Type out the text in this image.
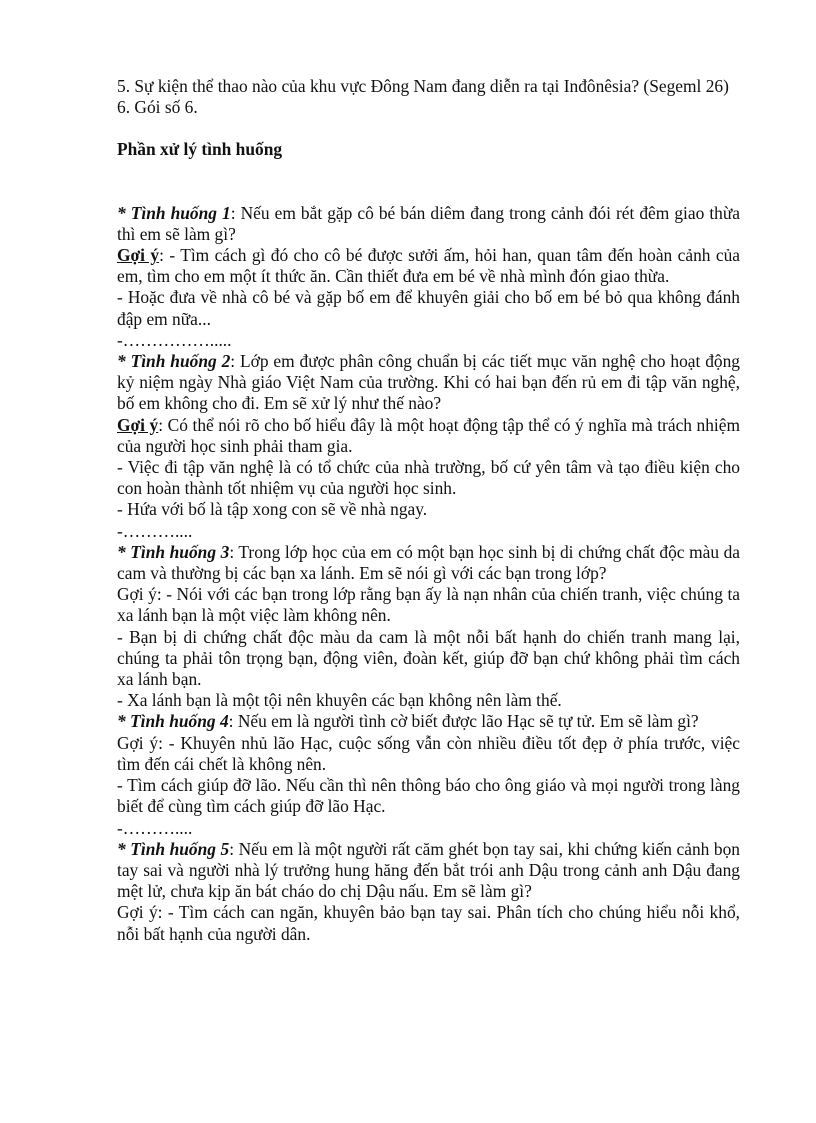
5. Sự kiện thể thao nào của khu vực Đông Nam đang diễn ra tại Inđônêsia? (Segeml 26)

6. Gói số 6.

Phần xử lý tình huống

* Tình huống 1: Nếu em bắt gặp cô bé bán diêm đang trong cảnh đói rét đêm giao thừa thì em sẽ làm gì?

Gợi ý: - Tìm cách gì đó cho cô bé được sưởi ấm, hỏi han, quan tâm đến hoàn cảnh của em, tìm cho em một ít thức ăn. Cần thiết đưa em bé về nhà mình đón giao thừa.

- Hoặc đưa về nhà cô bé và gặp bố em để khuyên giải cho bố em bé bỏ qua không đánh đập em nữa...

-…………….....

* Tình huống 2: Lớp em được phân công chuẩn bị các tiết mục văn nghệ cho hoạt động kỷ niệm ngày Nhà giáo Việt Nam của trường. Khi có hai bạn đến rủ em đi tập văn nghệ, bố em không cho đi. Em sẽ xử lý như thế nào?

Gợi ý: Có thể nói rõ cho bố hiểu đây là một hoạt động tập thể có ý nghĩa mà trách nhiệm của người học sinh phải tham gia.

- Việc đi tập văn nghệ là có tổ chức của nhà trường, bố cứ yên tâm và tạo điều kiện cho con hoàn thành tốt nhiệm vụ của người học sinh.

- Hứa với bố là tập xong con sẽ về nhà ngay.

-………....

* Tình huống 3: Trong lớp học của em có một bạn học sinh bị di chứng chất độc màu da cam và thường bị các bạn xa lánh. Em sẽ nói gì với các bạn trong lớp?

Gợi ý: - Nói với các bạn trong lớp rằng bạn ấy là nạn nhân của chiến tranh, việc chúng ta xa lánh bạn là một việc làm không nên.

- Bạn bị di chứng chất độc màu da cam là một nỗi bất hạnh do chiến tranh mang lại, chúng ta phải tôn trọng bạn, động viên, đoàn kết, giúp đỡ bạn chứ không phải tìm cách xa lánh bạn.

- Xa lánh bạn là một tội nên khuyên các bạn không nên làm thế.

* Tình huống 4: Nếu em là người tình cờ biết được lão Hạc sẽ tự tử. Em sẽ làm gì?

Gợi ý: - Khuyên nhủ lão Hạc, cuộc sống vẫn còn nhiều điều tốt đẹp ở phía trước, việc tìm đến cái chết là không nên.

- Tìm cách giúp đỡ lão. Nếu cần thì nên thông báo cho ông giáo và mọi người trong làng biết để cùng tìm cách giúp đỡ lão Hạc.

-………....

* Tình huống 5: Nếu em là một người rất căm ghét bọn tay sai, khi chứng kiến cảnh bọn tay sai và người nhà lý trưởng hung hăng đến bắt trói anh Dậu trong cảnh anh Dậu đang mệt lử, chưa kịp ăn bát cháo do chị Dậu nấu. Em sẽ làm gì?

Gợi ý: - Tìm cách can ngăn, khuyên bảo bạn tay sai. Phân tích cho chúng hiểu nỗi khổ, nỗi bất hạnh của người dân.
